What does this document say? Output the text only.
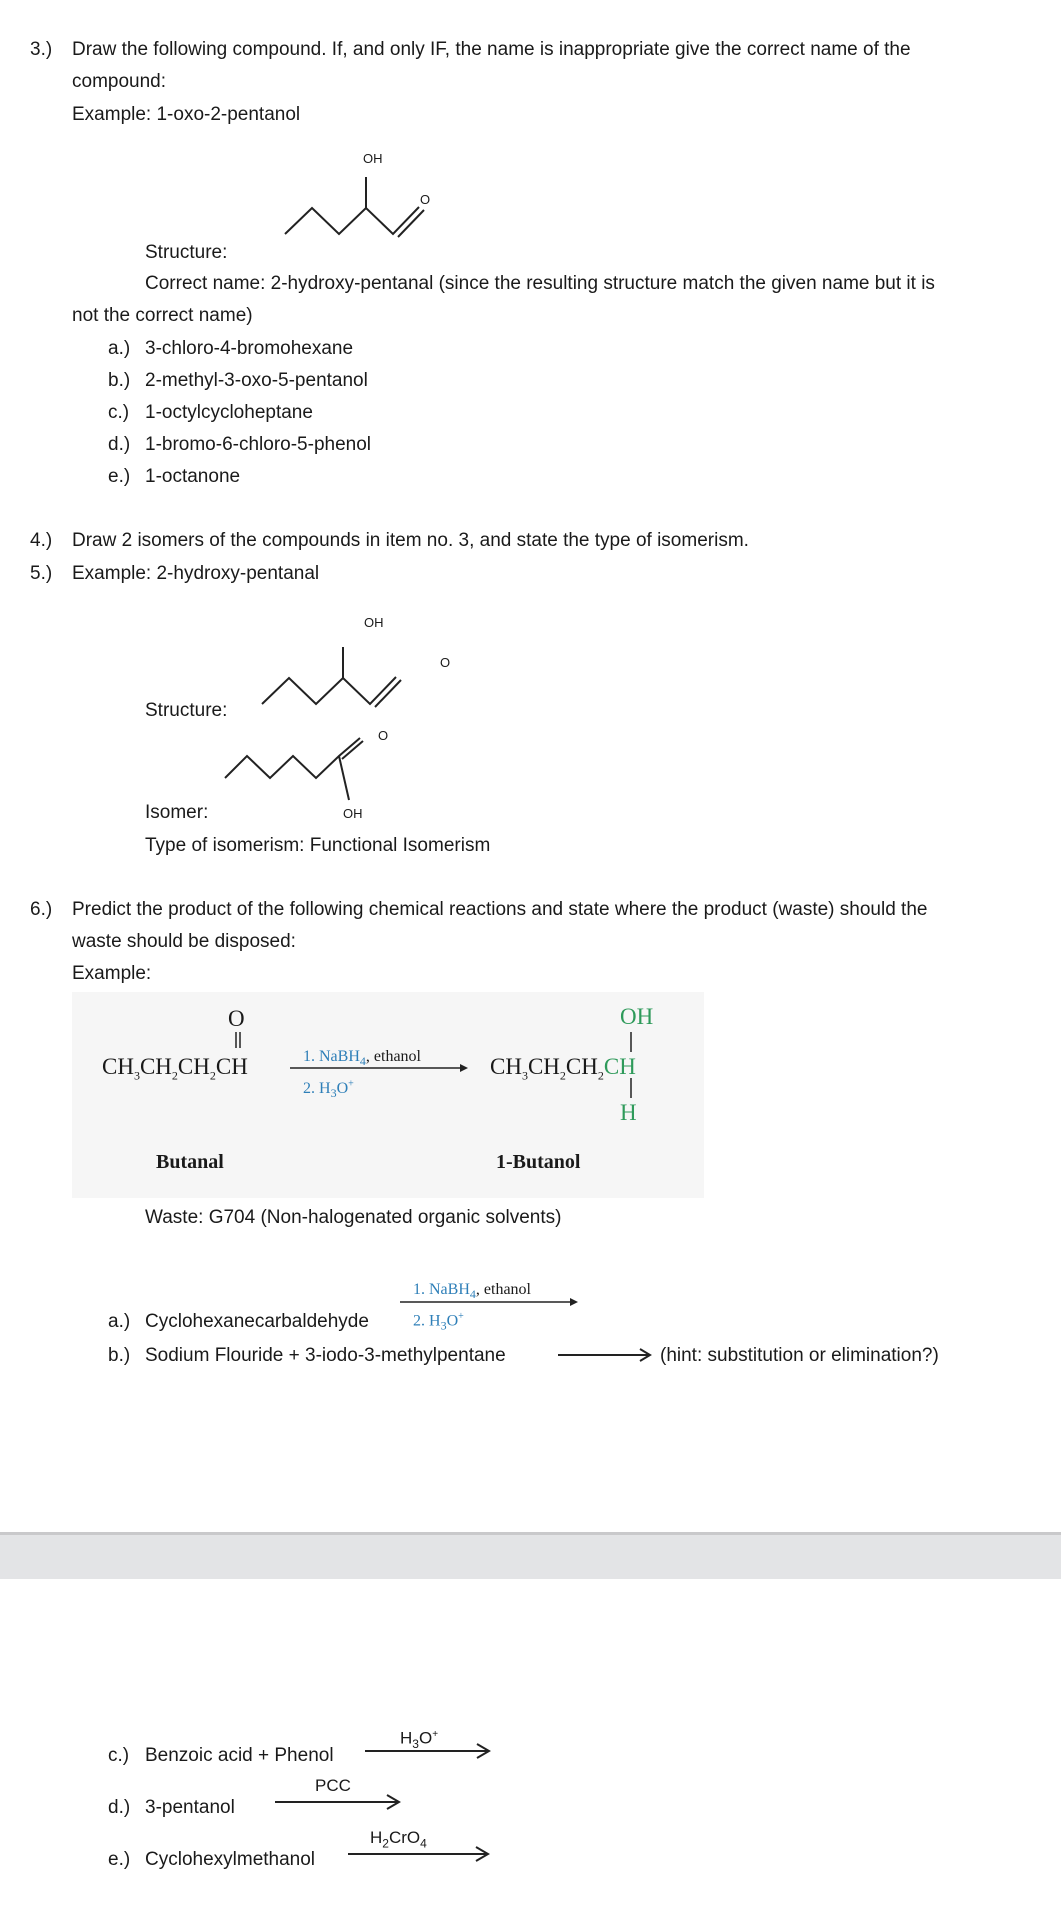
3.) Draw the following compound. If, and only IF, the name is inappropriate give the correct name of the
compound:
Example: 1-oxo-2-pentanol
OH
O
Structure:
Correct name: 2-hydroxy-pentanal (since the resulting structure match the given name but it is
not the correct name)
a.) 3-chloro-4-bromohexane
b.) 2-methyl-3-oxo-5-pentanol
c.) 1-octylcycloheptane
d.) 1-bromo-6-chloro-5-phenol
e.) 1-octanone
4.) Draw 2 isomers of the compounds in item no. 3, and state the type of isomerism.
5.) Example: 2-hydroxy-pentanal
OH
O
Structure:
O
OH
Isomer:
Type of isomerism: Functional Isomerism
6.) Predict the product of the following chemical reactions and state where the product (waste) should the
waste should be disposed:
Example:
O
$CH_3CH_2CH_2CH$	1. NaBH$_4$, ethanol
2. $H_3O^+$
OH
$CH_3CH_2CH_2CH$
H
Butanal	1-Butanol
Waste: G704 (Non-halogenated organic solvents)
1. NaBH$_4$, ethanol
2. $H_3O^+$
a.) Cyclohexanecarbaldehyde
b.) Sodium Flouride + 3-iodo-3-methylpentane	(hint: substitution or elimination?)
$H_3O^+$
c.) Benzoic acid + Phenol
PCC
d.) 3-pentanol
$H_2CrO_4$
e.) Cyclohexylmethanol
